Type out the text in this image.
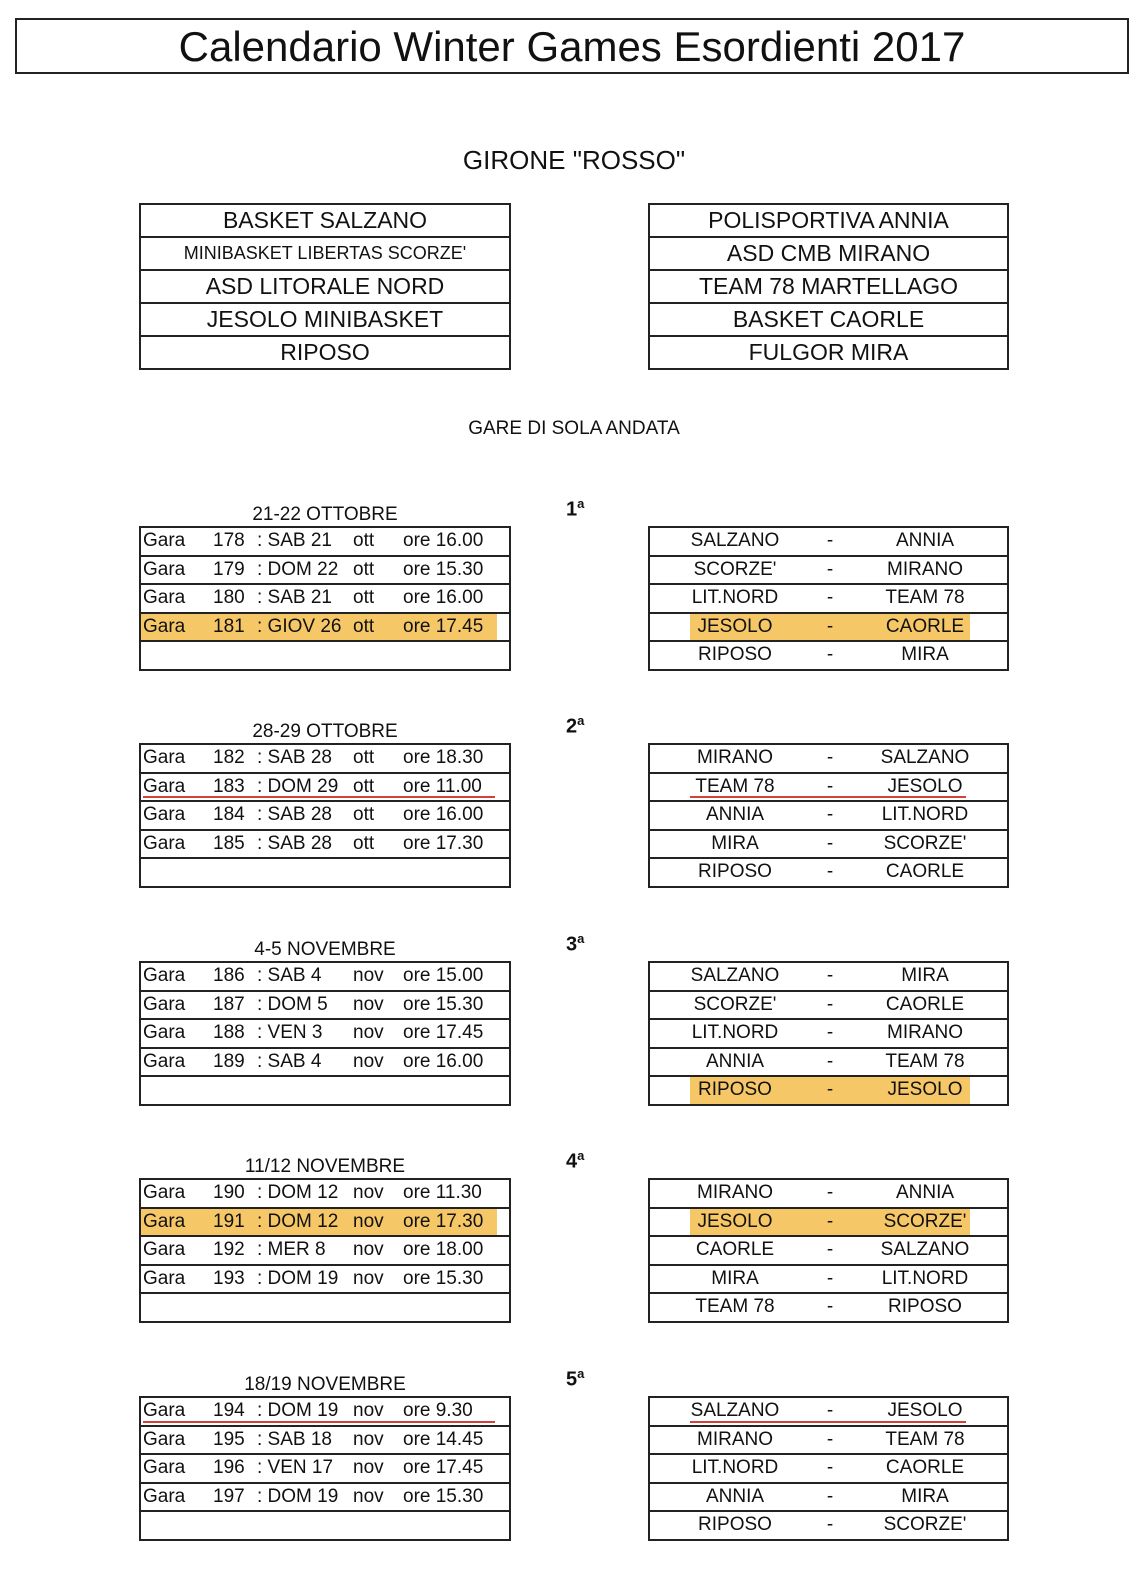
Calendario Winter Games Esordienti 2017
GIRONE "ROSSO"
BASKET SALZANO
MINIBASKET LIBERTAS SCORZE'
ASD LITORALE NORD
JESOLO MINIBASKET
RIPOSO
POLISPORTIVA ANNIA
ASD CMB MIRANO
TEAM 78 MARTELLAGO
BASKET CAORLE
FULGOR MIRA
GARE DI SOLA ANDATA
21-22 OTTOBRE	1$^a$
Gara 178 : SAB 21 ott ore 16.00
Gara 179 : DOM 22 ott ore 15.30
Gara 180 : SAB 21 ott ore 16.00
Gara 181 : GIOV 26 ott ore 17.45
SALZANO	-	ANNIA
SCORZE'	-	MIRANO
LIT.NORD	-	TEAM 78
JESOLO	-	CAORLE
RIPOSO	-	MIRA
28-29 OTTOBRE	2$^a$
Gara 182 : SAB 28 ott ore 18.30
Gara 183 : DOM 29 ott ore 11.00
Gara 184 : SAB 28 ott ore 16.00
Gara 185 : SAB 28 ott ore 17.30
MIRANO	-	SALZANO
TEAM 78	-	JESOLO
ANNIA	-	LIT.NORD
MIRA	-	SCORZE'
RIPOSO	-	CAORLE
4-5 NOVEMBRE	3$^a$
Gara 186 : SAB 4 nov ore 15.00
Gara 187 : DOM 5 nov ore 15.30
Gara 188 : VEN 3 nov ore 17.45
Gara 189 : SAB 4 nov ore 16.00
SALZANO	-	MIRA
SCORZE'	-	CAORLE
LIT.NORD	-	MIRANO
ANNIA	-	TEAM 78
RIPOSO	-	JESOLO
11/12 NOVEMBRE	4$^a$
Gara 190 : DOM 12 nov ore 11.30
Gara 191 : DOM 12 nov ore 17.30
Gara 192 : MER 8 nov ore 18.00
Gara 193 : DOM 19 nov ore 15.30
MIRANO	-	ANNIA
JESOLO	-	SCORZE'
CAORLE	-	SALZANO
MIRA	-	LIT.NORD
TEAM 78	-	RIPOSO
18/19 NOVEMBRE	5$^a$
Gara 194 : DOM 19 nov ore 9.30
Gara 195 : SAB 18 nov ore 14.45
Gara 196 : VEN 17 nov ore 17.45
Gara 197 : DOM 19 nov ore 15.30
SALZANO	-	JESOLO
MIRANO	-	TEAM 78
LIT.NORD	-	CAORLE
ANNIA	-	MIRA
RIPOSO	-	SCORZE'
